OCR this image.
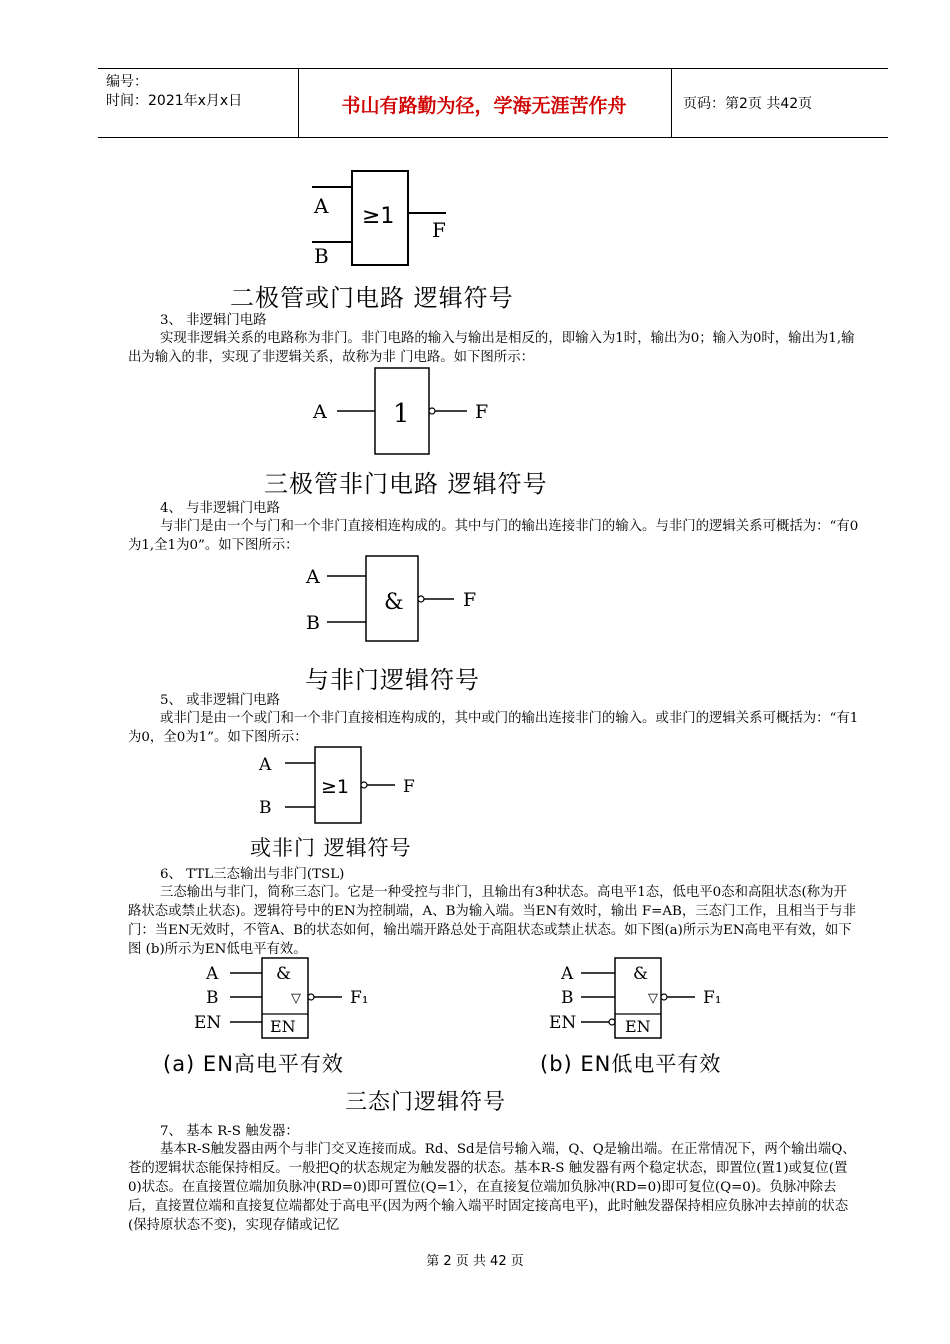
编号：
时间：2021年x月x日	书山有路勤为径，学海无涯苦作舟	页码：第2页 共42页
A
B
≥1
F
二极管或门电路 逻辑符号
3、 非逻辑门电路
实现非逻辑关系的电路称为非门。非门电路的输入与输出是相反的，即输入为1时，输出为0；输入为0时，输出为1,输出为输入的非，实现了非逻辑关系，故称为非 门电路。如下图所示：
A	1	F
三极管非门电路 逻辑符号
4、 与非逻辑门电路
与非门是由一个与门和一个非门直接相连构成的。其中与门的输出连接非门的输入。与非门的逻辑关系可概括为：“有0为1,全1为0”。如下图所示：
A
B
&	F
与非门逻辑符号
5、 或非逻辑门电路
或非门是由一个或门和一个非门直接相连构成的，其中或门的输出连接非门的输入。或非门的逻辑关系可概括为：“有1为0，全0为1”。如下图所示：
A
B
≥1	F
或非门 逻辑符号
6、 TTL三态输出与非门(TSL)
三态输出与非门，简称三态门。它是一种受控与非门，且输出有3种状态。高电平1态，低电平0态和高阻状态(称为开路状态或禁止状态)。逻辑符号中的EN为控制端，A、B为输入端。当EN有效时，输出 F=AB，三态门工作，且相当于与非门：当EN无效时，不管A、B的状态如何，输出端开路总处于高阻状态或禁止状态。如下图(a)所示为EN高电平有效，如下图 (b)所示为EN低电平有效。
A
B
EN
&
▽
EN
F₁
(a) EN高电平有效
A
B
EN
&
▽
EN
F₁
(b) EN低电平有效
三态门逻辑符号
7、 基本 R-S 触发器：
基本R-S触发器由两个与非门交叉连接而成。Rd、Sd是信号输入端，Q、Q是输出端。在正常情况下，两个输出端Q、苍的逻辑状态能保持相反。一般把Q的状态规定为触发器的状态。基本R-S 触发器有两个稳定状态，即置位(置1)或复位(置0)状态。在直接置位端加负脉冲(RD=0)即可置位(Q=1〉，在直接复位端加负脉冲(RD=0)即可复位(Q=0)。负脉冲除去后，直接置位端和直接复位端都处于高电平(因为两个输入端平时固定接高电平)，此时触发器保持相应负脉冲去掉前的状态(保持原状态不变)，实现存储或记忆
第 2 页 共 42 页
